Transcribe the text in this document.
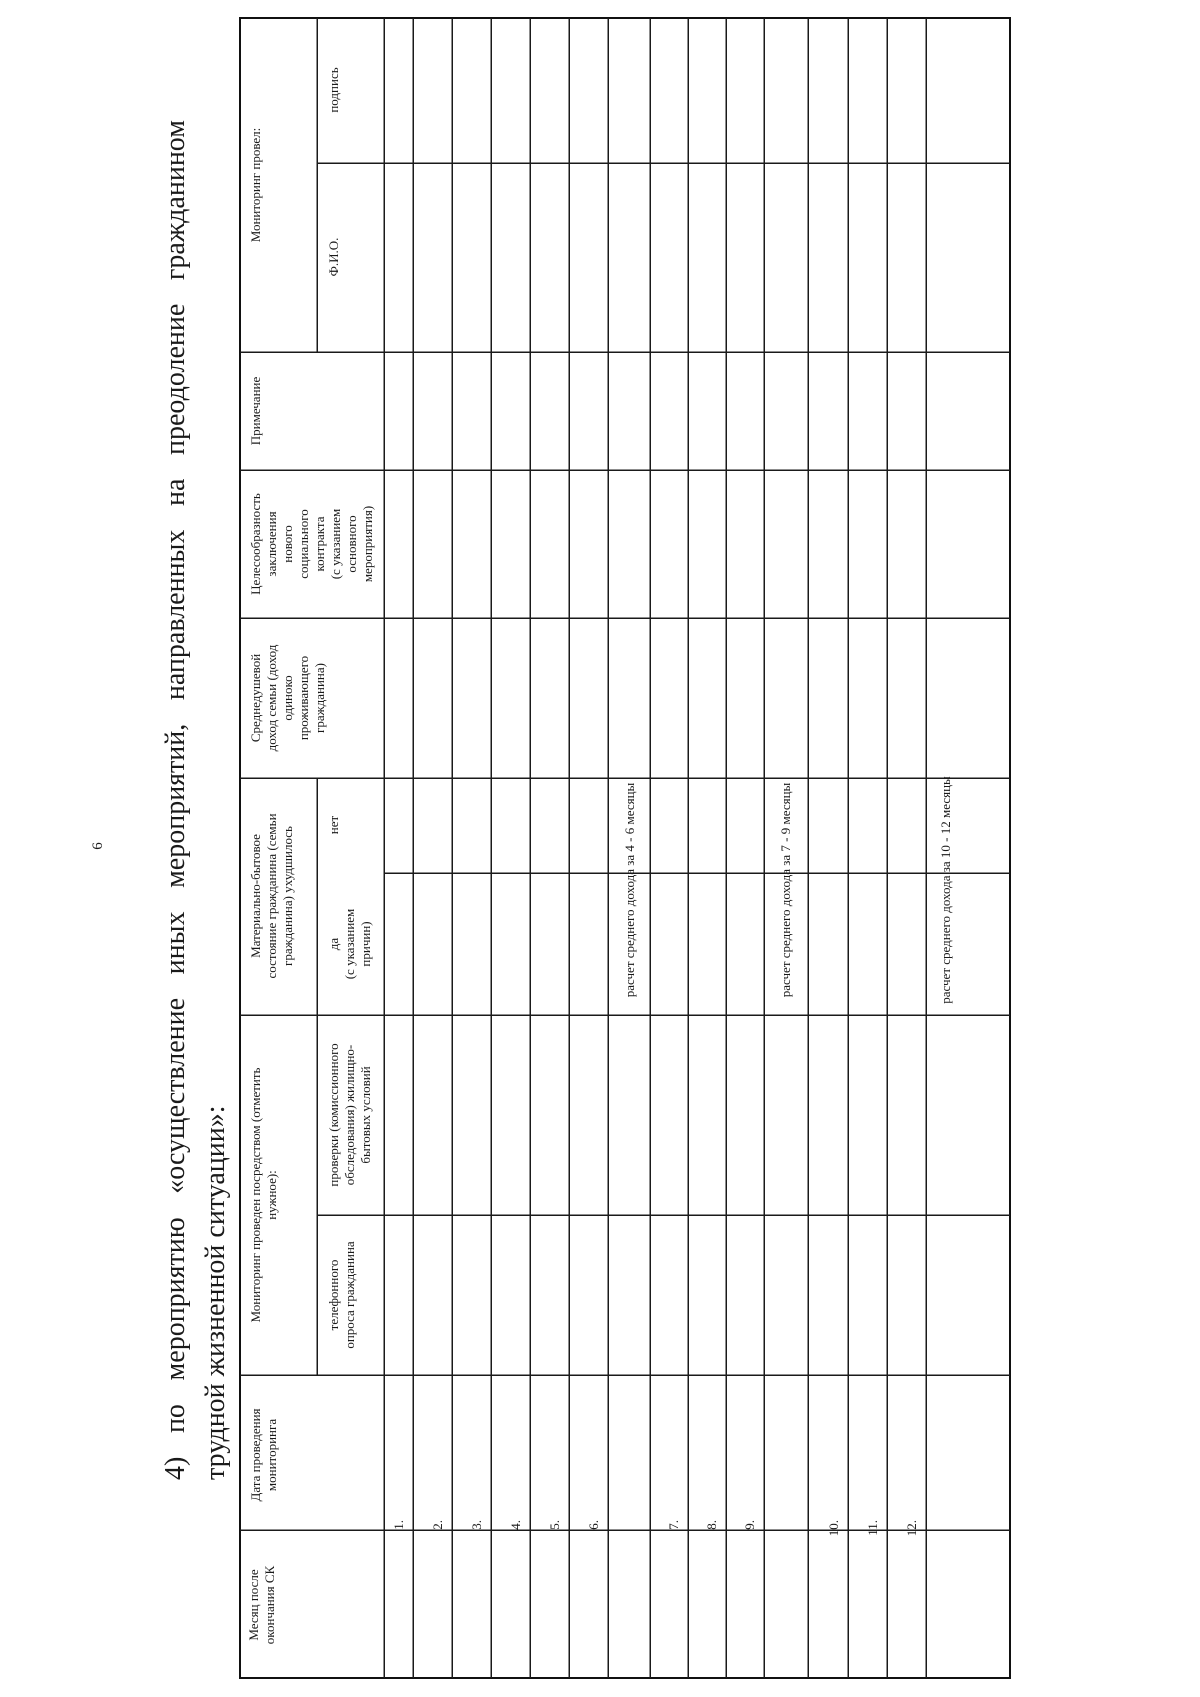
6 4) по мероприятию «осуществление иных мероприятий, направленных на преодоление гражданином трудной жизненной ситуации»:
Месяц после окончания СК
Дата проведения мониторинга
Мониторинг проведен посредством (отметить нужное):
телефонного опроса гражданина
проверки (комиссионного обследования) жилищно- бытовых условий
Материально-бытовое состояние гражданина (семьи гражданина) ухудшилось да (с указанием причин)
нет
Среднедушевой доход семьи (доход одиноко проживающего гражданина)
Целесообразность заключения нового социального контракта (с указанием основного мероприятия)
Примечание
Мониторинг провел:
Ф.И.О.
подпись
1. 2. 3. 4. 5. 6.
расчет среднего дохода за 4 - 6 месяцы
7. 8. 9.
расчет среднего дохода за 7 - 9 месяцы
10. 11. 12.
расчет среднего дохода за 10 - 12 месяцы
